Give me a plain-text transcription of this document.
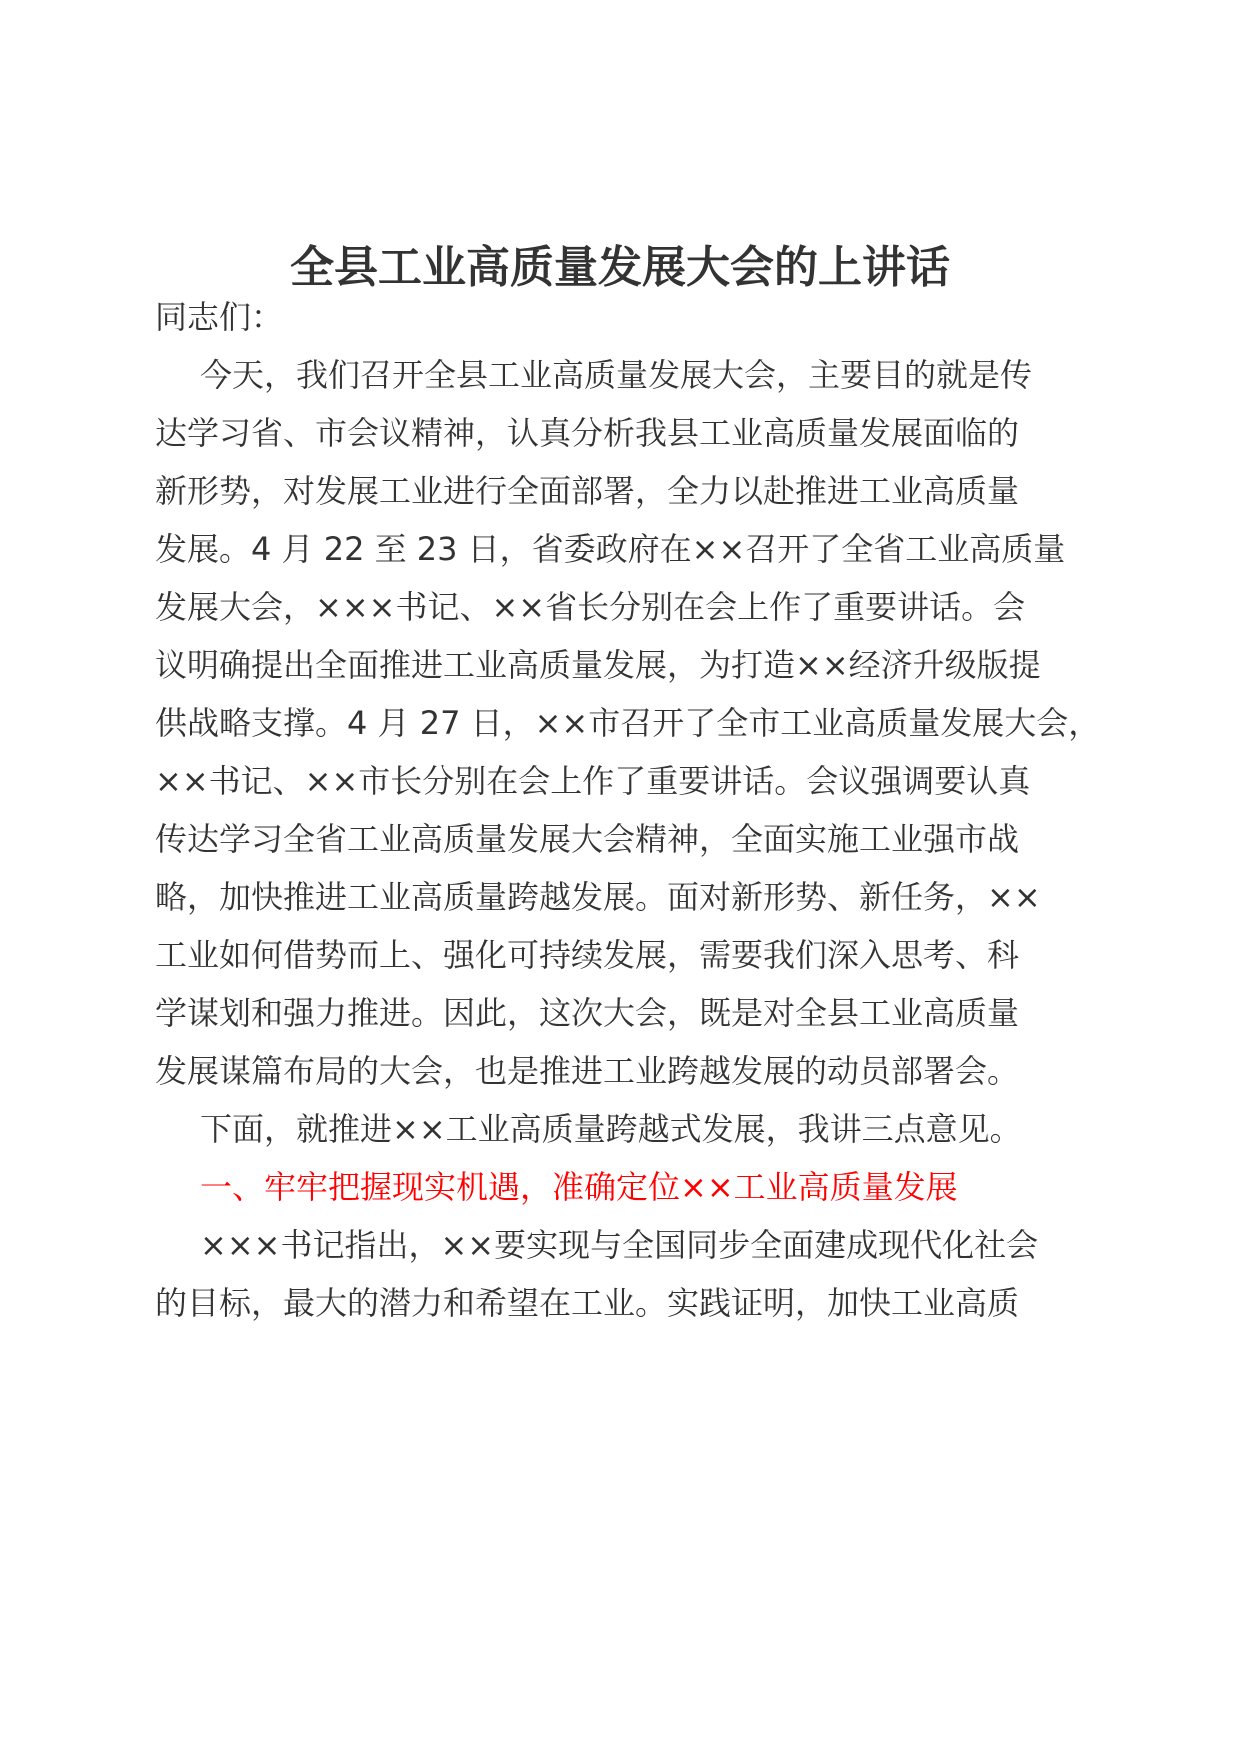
全县工业高质量发展大会的上讲话
同志们：
今天，我们召开全县工业高质量发展大会，主要目的就是传
达学习省、市会议精神，认真分析我县工业高质量发展面临的
新形势，对发展工业进行全面部署，全力以赴推进工业高质量
发展。4 月 22 至 23 日，省委政府在××召开了全省工业高质量
发展大会，×××书记、××省长分别在会上作了重要讲话。会
议明确提出全面推进工业高质量发展，为打造××经济升级版提
供战略支撑。4 月 27 日，××市召开了全市工业高质量发展大会，
××书记、××市长分别在会上作了重要讲话。会议强调要认真
传达学习全省工业高质量发展大会精神，全面实施工业强市战
略，加快推进工业高质量跨越发展。面对新形势、新任务，××
工业如何借势而上、强化可持续发展，需要我们深入思考、科
学谋划和强力推进。因此，这次大会，既是对全县工业高质量
发展谋篇布局的大会，也是推进工业跨越发展的动员部署会。
下面，就推进××工业高质量跨越式发展，我讲三点意见。
一、牢牢把握现实机遇，准确定位××工业高质量发展
×××书记指出，××要实现与全国同步全面建成现代化社会
的目标，最大的潜力和希望在工业。实践证明，加快工业高质
